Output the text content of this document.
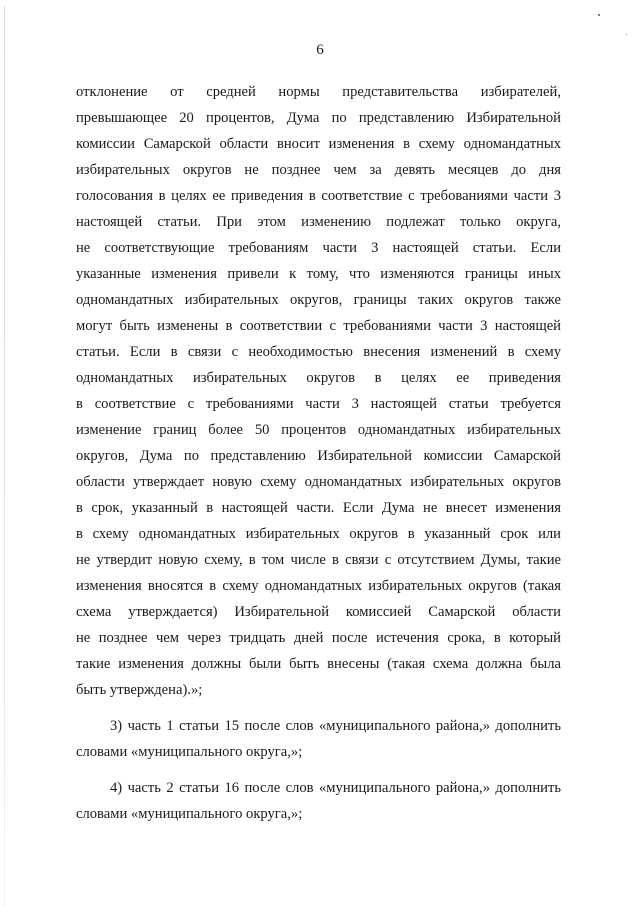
6
отклонение от средней нормы представительства избирателей,
превышающее 20 процентов, Дума по представлению Избирательной
комиссии Самарской области вносит изменения в схему одномандатных
избирательных округов не позднее чем за девять месяцев до дня
голосования в целях ее приведения в соответствие с требованиями части 3
настоящей статьи. При этом изменению подлежат только округа,
не соответствующие требованиям части 3 настоящей статьи. Если
указанные изменения привели к тому, что изменяются границы иных
одномандатных избирательных округов, границы таких округов также
могут быть изменены в соответствии с требованиями части 3 настоящей
статьи. Если в связи с необходимостью внесения изменений в схему
одномандатных избирательных округов в целях ее приведения
в соответствие с требованиями части 3 настоящей статьи требуется
изменение границ более 50 процентов одномандатных избирательных
округов, Дума по представлению Избирательной комиссии Самарской
области утверждает новую схему одномандатных избирательных округов
в срок, указанный в настоящей части. Если Дума не внесет изменения
в схему одномандатных избирательных округов в указанный срок или
не утвердит новую схему, в том числе в связи с отсутствием Думы, такие
изменения вносятся в схему одномандатных избирательных округов (такая
схема утверждается) Избирательной комиссией Самарской области
не позднее чем через тридцать дней после истечения срока, в который
такие изменения должны были быть внесены (такая схема должна была
быть утверждена).»;
3) часть 1 статьи 15 после слов «муниципального района,» дополнить
словами «муниципального округа,»;
4) часть 2 статьи 16 после слов «муниципального района,» дополнить
словами «муниципального округа,»;
